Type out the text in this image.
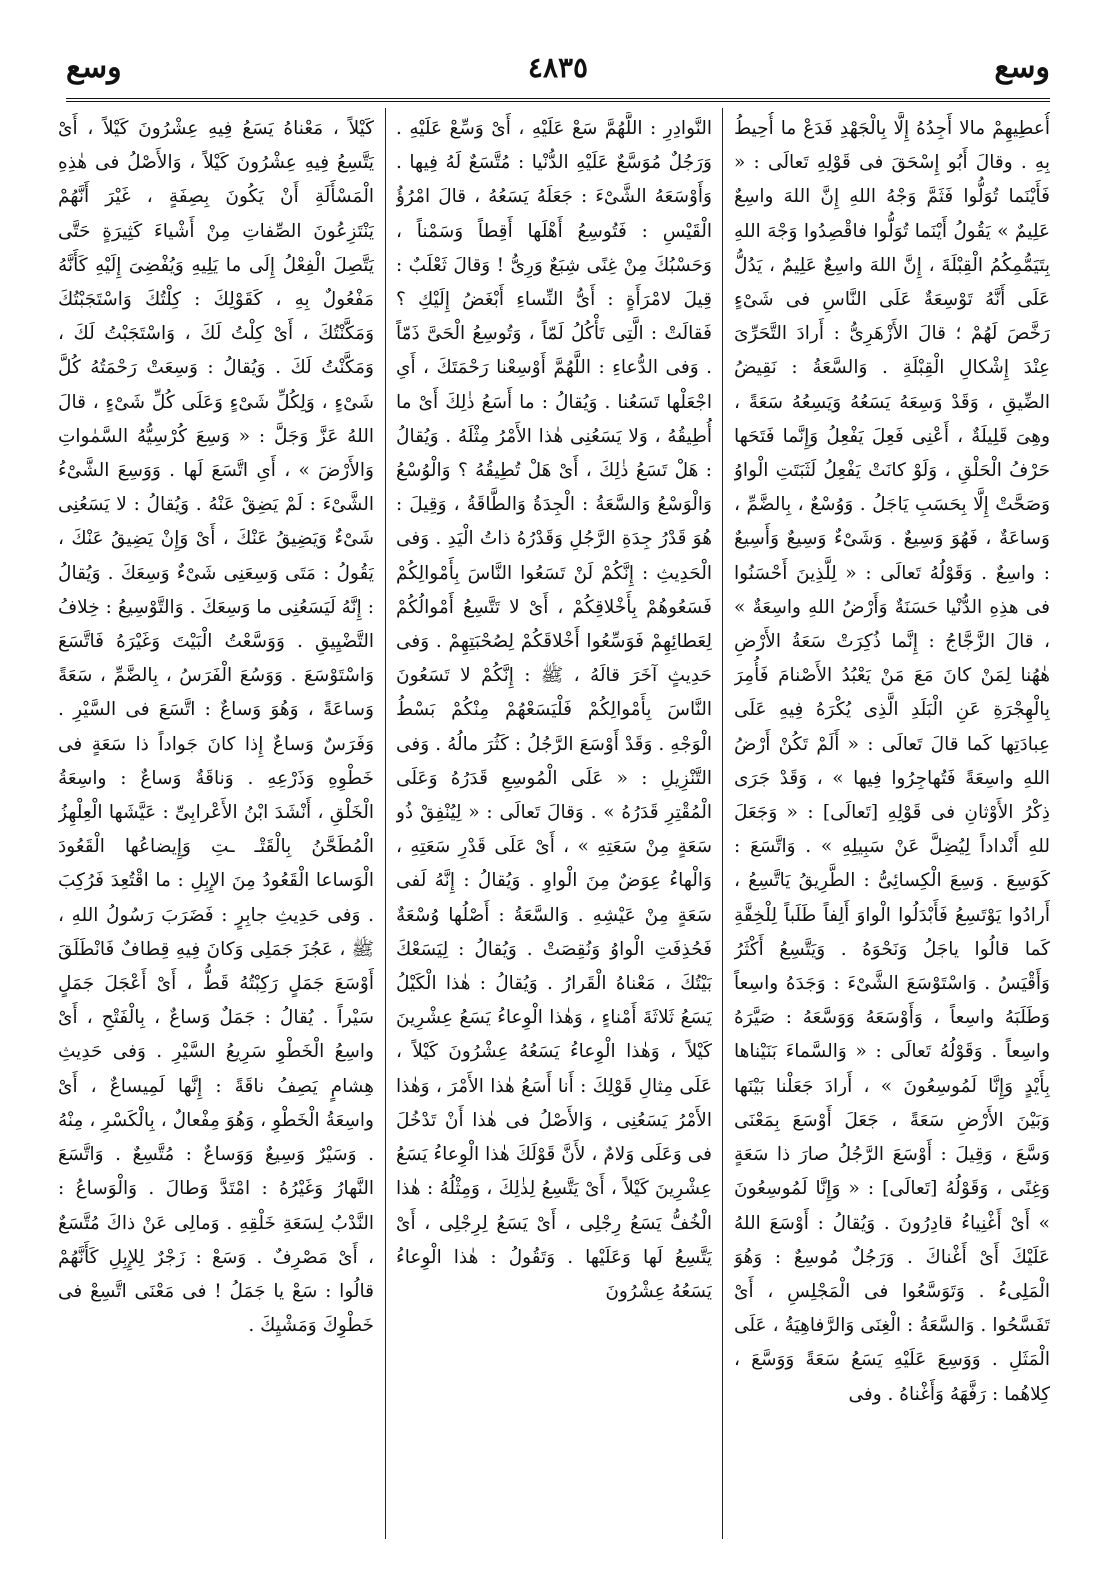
وسع
٤٨٣٥
وسع

أُعطِيهِمْ مالا أَجِدُهُ إِلَّا بِالْجَهْدِ فَدَعْ ما أُحِيطُ بِهِ . وقالَ أَبُو إِسْحَقَ فى قَوْلِهِ تَعالَى : « فَأَيْنَما تُوَلُّوا فَثَمَّ وَجْهُ اللهِ إِنَّ اللهَ واسِعٌ عَلِيمٌ » يَقُولُ أَيْنَما تُوَلُّوا فاقْصِدُوا وَجْهَ اللهِ بِتَيَمُّمِكُمُ الْقِبْلَةَ ، إِنَّ اللهَ واسِعٌ عَلِيمٌ ، يَدُلُّ عَلَى أَنَّهُ تَوْسِعَةٌ عَلَى النَّاسِ فى شَىْءٍ رَخَّصَ لَهُمْ ؛ قالَ الأَزْهَرِىُّ : أَرادَ التَّحَرِّىَ عِنْدَ إِشْكالِ الْقِبْلَةِ . وَالسَّعَةُ : نَقِيضُ الضِّيقِ ، وَقَدْ وَسِعَهُ يَسَعُهُ وَيَسِعُهُ سَعَةً ، وهِىَ قَلِيلَةٌ ، أَعْنِى فَعِلَ يَفْعِلُ وَإِنَّما فَتَحَها حَرْفُ الْحَلْقِ ، وَلَوْ كانَتْ يَفْعِلُ لَثَبَتَتِ الْواوُ وَصَحَّتْ إِلَّا بِحَسَبِ يَاجَلُ . وَوُسْعٌ ، بِالضَّمِّ ، وَساعَةٌ ، فَهُوَ وَسِيعٌ . وَشَىْءٌ وَسِيعٌ وَأَسِيعٌ : واسِعٌ . وَقَوْلُهُ تَعالَى : « لِلَّذِينَ أَحْسَنُوا فى هذِهِ الدُّنْيا حَسَنَةٌ وَأَرْضُ اللهِ واسِعَةٌ » ، قالَ الزَّجَّاجُ : إِنَّما ذُكِرَتْ سَعَةُ الأَرْضِ هٰهُنا لِمَنْ كانَ مَعَ مَنْ يَعْبُدُ الأَصْنامَ فَأُمِرَ بِالْهِجْرَةِ عَنِ الْبَلَدِ الَّذِى يُكْرَهُ فِيهِ عَلَى عِبادَتِها كَما قالَ تَعالَى : « أَلَمْ تَكُنْ أَرْضُ اللهِ واسِعَةً فَتُهاجِرُوا فِيها » ، وَقَدْ جَرَى ذِكْرُ الأَوْثانِ فى قَوْلِهِ [تَعالَى] : « وَجَعَلَ للهِ أَنْداداً لِيُضِلَّ عَنْ سَبِيلِهِ » . وَاتَّسَعَ : كَوَسِعَ . وَسِعَ الْكِسائِىُّ : الطَّرِيقُ يَاتَّسِعُ ، أَرادُوا يَوْتَسِعُ فَأَبْدَلُوا الْواوَ أَلِفاً طَلَباً لِلْخِفَّةِ كَما قالُوا ياجَلُ وَنَحْوَهُ . وَيَتَّسِعُ أَكْثَرُ وَأَقْيَسُ . وَاسْتَوْسَعَ الشَّىْءَ : وَجَدَهُ واسِعاً وَطَلَبَهُ واسِعاً ، وَأَوْسَعَهُ وَوَسَّعَهُ : صَيَّرَهُ واسِعاً . وَقَوْلُهُ تَعالَى : « وَالسَّماءَ بَنَيْناها بِأَيْدٍ وَإِنَّا لَمُوسِعُونَ » ، أَرادَ جَعَلْنا بَيْنَها وَبَيْنَ الأَرْضِ سَعَةً ، جَعَلَ أَوْسَعَ بِمَعْنَى وَسَّعَ ، وَقِيلَ : أَوْسَعَ الرَّجُلُ صارَ ذا سَعَةٍ وَغِنًى ، وَقَوْلُهُ [تَعالَى] : « وَإِنَّا لَمُوسِعُونَ » أَىْ أَغْنِياءُ قادِرُونَ . وَيُقالُ : أَوْسَعَ اللهُ عَلَيْكَ أَىْ أَغْناكَ . وَرَجُلٌ مُوسِعٌ : وَهُوَ الْمَلِىءُ . وَتَوَسَّعُوا فى الْمَجْلِسِ ، أَىْ تَفَسَّحُوا . وَالسَّعَةُ : الْغِنَى وَالرَّفاهِيَةُ ، عَلَى الْمَثَلِ . وَوَسِعَ عَلَيْهِ يَسَعُ سَعَةً وَوَسَّعَ ، كِلاهُما : رَفَّهَهُ وَأَغْناهُ . وفى

النَّوادِرِ : اللَّهُمَّ سَعْ عَلَيْهِ ، أَىْ وَسِّعْ عَلَيْهِ . وَرَجُلٌ مُوَسَّعٌ عَلَيْهِ الدُّنْيا : مُتَّسَعٌ لَهُ فِيها . وَأَوْسَعَهُ الشَّىْءَ : جَعَلَهُ يَسَعُهُ ، قالَ امْرُؤُ الْقَيْسِ : فَتُوسِعُ أَهْلَها أَقِطاً وَسَمْناً ، وَحَسْبُكَ مِنْ غِنًى شِبَعٌ وَرِىُّ ! وَقالَ ثَعْلَبٌ : قِيلَ لامْرَأَةٍ : أَىُّ النِّساءِ أَبْغَضُ إِلَيْكِ ؟ فَقالَتْ : الَّتِى تَأْكُلُ لَمّاً ، وَتُوسِعُ الْحَىَّ ذَمّاً . وَفى الدُّعاءِ : اللَّهُمَّ أَوْسِعْنا رَحْمَتَكَ ، أَىِ اجْعَلْها تَسَعُنا . وَيُقالُ : ما أَسَعُ ذٰلِكَ أَىْ ما أُطِيقُهُ ، وَلا يَسَعُنِى هٰذا الأَمْرُ مِثْلَهُ . وَيُقالُ : هَلْ تَسَعُ ذٰلِكَ ، أَىْ هَلْ تُطِيقُهُ ؟ وَالْوُسْعُ وَالْوَسْعُ وَالسَّعَةُ : الْجِدَةُ وَالطَّاقَةُ ، وَقِيلَ : هُوَ قَدْرُ جِدَةِ الرَّجُلِ وَقَدْرُهُ ذاتُ الْيَدِ . وَفى الْحَدِيثِ : إِنَّكُمْ لَنْ تَسَعُوا النَّاسَ بِأَمْوالِكُمْ فَسَعُوهُمْ بِأَخْلاقِكُمْ ، أَىْ لا تَتَّسِعُ أَمْوالُكُمْ لِعَطائِهِمْ فَوَسِّعُوا أَخْلاقَكُمْ لِصُحْبَتِهِمْ . وَفى حَدِيثٍ آخَرَ قالَهُ ، ﷺ : إِنَّكُمْ لا تَسَعُونَ النَّاسَ بِأَمْوالِكُمْ فَلْيَسَعْهُمْ مِنْكُمْ بَسْطُ الْوَجْهِ . وَقَدْ أَوْسَعَ الرَّجُلُ : كَثُرَ مالُهُ . وَفى التَّنْزِيلِ : « عَلَى الْمُوسِعِ قَدَرُهُ وَعَلَى الْمُقْتِرِ قَدَرُهُ » . وَقالَ تَعالَى : « لِيُنْفِقْ ذُو سَعَةٍ مِنْ سَعَتِهِ » ، أَىْ عَلَى قَدْرِ سَعَتِهِ ، وَالْهاءُ عِوَضٌ مِنَ الْواوِ . وَيُقالُ : إِنَّهُ لَفى سَعَةٍ مِنْ عَيْشِهِ . وَالسَّعَةُ : أَصْلُها وُسْعَةٌ فَحُذِفَتِ الْواوُ وَنُقِصَتْ . وَيُقالُ : لِيَسَعْكَ بَيْتُكَ ، مَعْناهُ الْقَرارُ . وَيُقالُ : هٰذا الْكَيْلُ يَسَعُ ثَلاثَةَ أَمْناءٍ ، وَهٰذا الْوِعاءُ يَسَعُ عِشْرِينَ كَيْلاً ، وَهٰذا الْوِعاءُ يَسَعُهُ عِشْرُونَ كَيْلاً ، عَلَى مِثالِ قَوْلِكَ : أَنا أَسَعُ هٰذا الأَمْرَ ، وَهٰذا الأَمْرُ يَسَعُنِى ، وَالأَصْلُ فى هٰذا أَنْ تَدْخُلَ فى وَعَلَى وَلامٌ ، لأَنَّ قَوْلَكَ هٰذا الْوِعاءُ يَسَعُ عِشْرِينَ كَيْلاً ، أَىْ يَتَّسِعُ لِذٰلِكَ ، وَمِثْلُهُ : هٰذا الْخُفُّ يَسَعُ رِجْلِى ، أَىْ يَسَعُ لِرِجْلِى ، أَىْ يَتَّسِعُ لَها وَعَلَيْها . وَتَقُولُ : هٰذا الْوِعاءُ يَسَعُهُ عِشْرُونَ

كَيْلاً ، مَعْناهُ يَسَعُ فِيهِ عِشْرُونَ كَيْلاً ، أَىْ يَتَّسِعُ فِيهِ عِشْرُونَ كَيْلاً ، وَالأَصْلُ فى هٰذِهِ الْمَسْأَلَةِ أَنْ يَكُونَ بِصِفَةٍ ، غَيْرَ أَنَّهُمْ يَنْتَزِعُونَ الصِّفاتِ مِنْ أَشْياءَ كَثِيرَةٍ حَتَّى يَتَّصِلَ الْفِعْلُ إِلَى ما يَلِيهِ وَيُفْضِىَ إِلَيْهِ كَأَنَّهُ مَفْعُولٌ بِهِ ، كَقَوْلِكَ : كِلْتُكَ وَاسْتَجَبْتُكَ وَمَكَّنْتُكَ ، أَىْ كِلْتُ لَكَ ، وَاسْتَجَبْتُ لَكَ ، وَمَكَّنْتُ لَكَ . وَيُقالُ : وَسِعَتْ رَحْمَتُهُ كُلَّ شَىْءٍ ، وَلِكُلِّ شَىْءٍ وَعَلَى كُلِّ شَىْءٍ ، قالَ اللهُ عَزَّ وَجَلَّ : « وَسِعَ كُرْسِيُّهُ السَّمٰواتِ وَالأَرْضَ » ، أَىِ اتَّسَعَ لَها . وَوَسِعَ الشَّىْءُ الشَّىْءَ : لَمْ يَضِقْ عَنْهُ . وَيُقالُ : لا يَسَعُنِى شَىْءٌ وَيَضِيقُ عَنْكَ ، أَىْ وَإِنْ يَضِيقُ عَنْكَ ، يَقُولُ : مَتَى وَسِعَنِى شَىْءٌ وَسِعَكَ . وَيُقالُ : إِنَّهُ لَيَسَعُنِى ما وَسِعَكَ . وَالتَّوْسِيعُ : خِلافُ التَّضْيِيقِ . وَوَسَّعْتُ الْبَيْتَ وَغَيْرَهُ فَاتَّسَعَ وَاسْتَوْسَعَ . وَوَسُعَ الْفَرَسُ ، بِالضَّمِّ ، سَعَةً وَساعَةً ، وَهُوَ وَساعٌ : اتَّسَعَ فى السَّيْرِ . وَفَرَسٌ وَساعٌ إِذا كانَ جَواداً ذا سَعَةٍ فى خَطْوِهِ وَذَرْعِهِ . وَناقَةٌ وَساعٌ : واسِعَةُ الْخَلْقِ ، أَنْشَدَ ابْنُ الأَعْرابِىِّ : عَيَّشَها الْعِلْهِزُ الْمُطَحَّنُ بِالْقَتْـ ـتِ وَإِيضاعُها الْقَعُودَ الْوَساعا الْقَعُودُ مِنَ الإِبِلِ : ما اقْتُعِدَ فَرُكِبَ . وَفى حَدِيثِ جابِرٍ : فَضَرَبَ رَسُولُ اللهِ ، ﷺ ، عَجُزَ جَمَلِى وَكانَ فِيهِ قِطافٌ فَانْطَلَقَ أَوْسَعَ جَمَلٍ رَكِبْتُهُ قَطُّ ، أَىْ أَعْجَلَ جَمَلٍ سَيْراً . يُقالُ : جَمَلٌ وَساعٌ ، بِالْفَتْحِ ، أَىْ واسِعُ الْخَطْوِ سَرِيعُ السَّيْرِ . وَفى حَدِيثِ هِشامٍ يَصِفُ ناقَةً : إِنَّها لَمِيساعٌ ، أَىْ واسِعَةُ الْخَطْوِ ، وَهُوَ مِفْعالٌ ، بِالْكَسْرِ ، مِنْهُ . وَسَيْرٌ وَسِيعٌ وَوَساعٌ : مُتَّسِعٌ . وَاتَّسَعَ النَّهارُ وَغَيْرُهُ : امْتَدَّ وَطالَ . وَالْوَساعُ : النَّدْبُ لِسَعَةِ خَلْقِهِ . وَمالِى عَنْ ذاكَ مُتَّسَعٌ ، أَىْ مَصْرِفٌ . وَسَعْ : زَجْرٌ لِلإِبِلِ كَأَنَّهُمْ قالُوا : سَعْ يا جَمَلُ ! فى مَعْنَى اتَّسِعْ فى خَطْوِكَ وَمَشْيِكَ .
